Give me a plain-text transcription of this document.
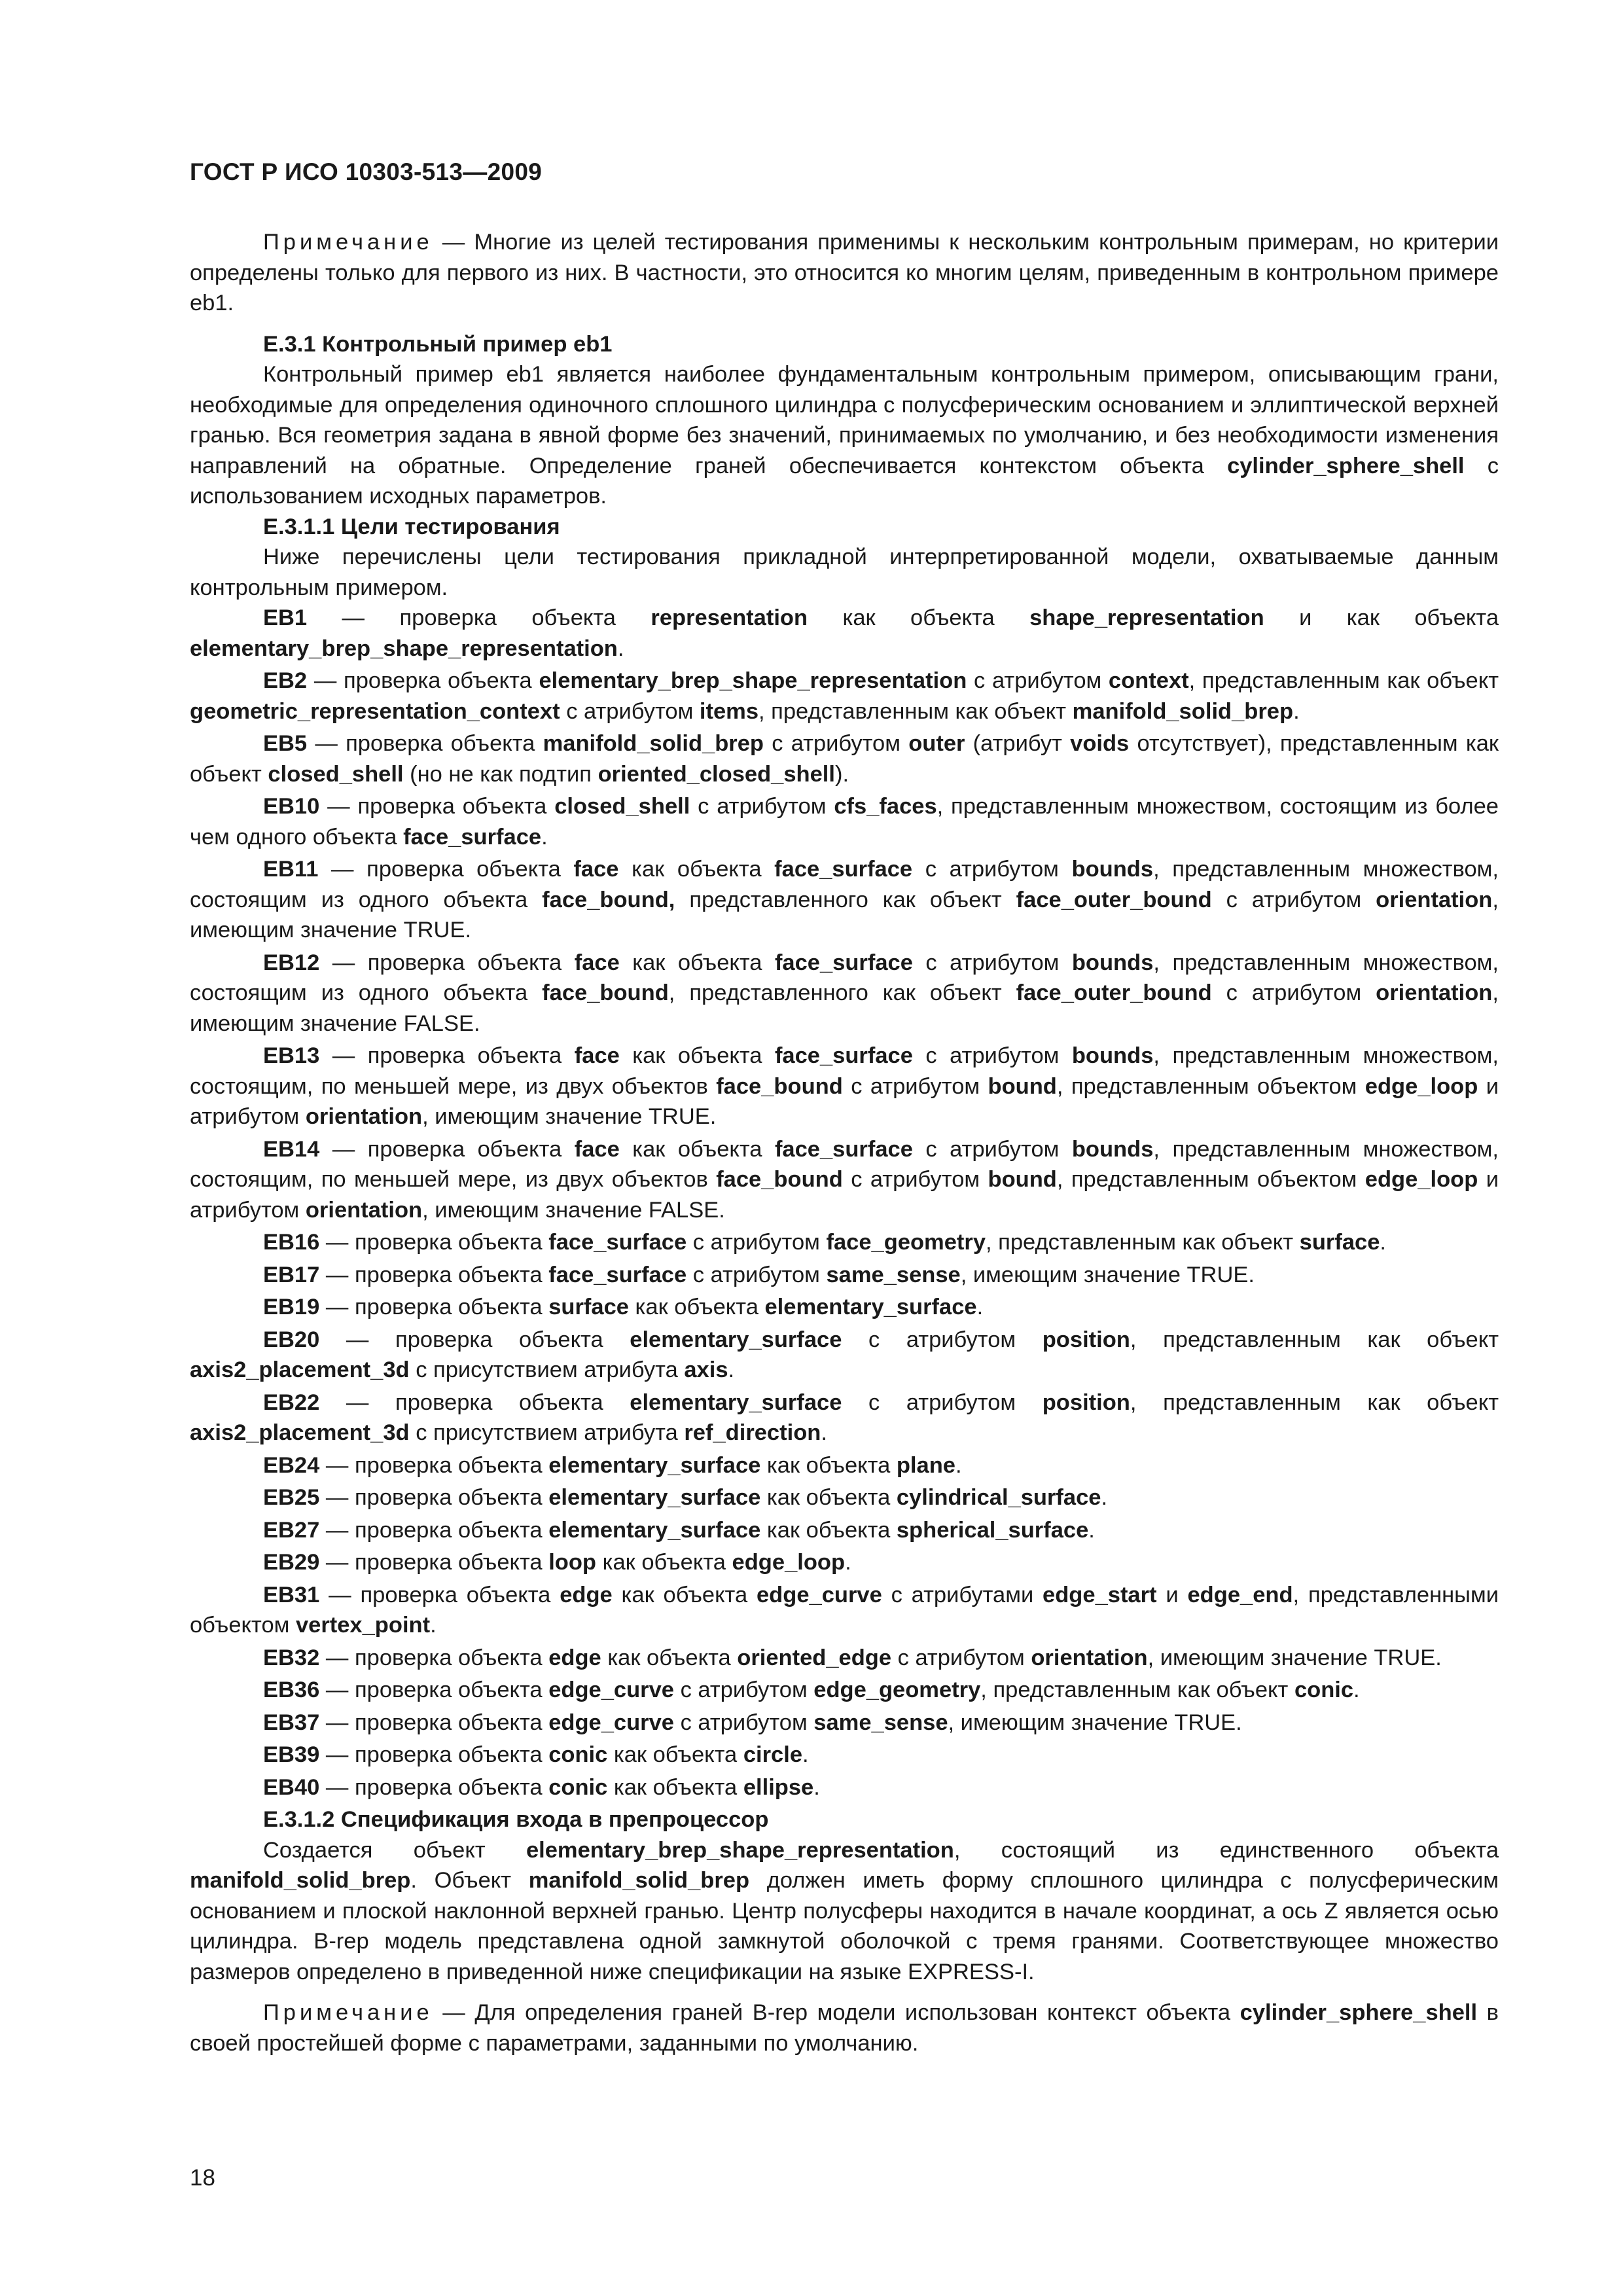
ГОСТ Р ИСО 10303-513—2009

Примечание — Многие из целей тестирования применимы к нескольким контрольным примерам, но критерии определены только для первого из них. В частности, это относится ко многим целям, приведенным в контрольном примере eb1.

Е.3.1 Контрольный пример eb1

Контрольный пример eb1 является наиболее фундаментальным контрольным примером, описывающим грани, необходимые для определения одиночного сплошного цилиндра с полусферическим основанием и эллиптической верхней гранью. Вся геометрия задана в явной форме без значений, принимаемых по умолчанию, и без необходимости изменения направлений на обратные. Определение граней обеспечивается контекстом объекта cylinder_sphere_shell с использованием исходных параметров.

Е.3.1.1 Цели тестирования

Ниже перечислены цели тестирования прикладной интерпретированной модели, охватываемые данным контрольным примером.

EB1 — проверка объекта representation как объекта shape_representation и как объекта elementary_brep_shape_representation.

EB2 — проверка объекта elementary_brep_shape_representation с атрибутом context, представленным как объект geometric_representation_context с атрибутом items, представленным как объект manifold_solid_brep.

EB5 — проверка объекта manifold_solid_brep с атрибутом outer (атрибут voids отсутствует), представленным как объект closed_shell (но не как подтип oriented_closed_shell).

EB10 — проверка объекта closed_shell с атрибутом cfs_faces, представленным множеством, состоящим из более чем одного объекта face_surface.

EB11 — проверка объекта face как объекта face_surface с атрибутом bounds, представленным множеством, состоящим из одного объекта face_bound, представленного как объект face_outer_bound с атрибутом orientation, имеющим значение TRUE.

EB12 — проверка объекта face как объекта face_surface с атрибутом bounds, представленным множеством, состоящим из одного объекта face_bound, представленного как объект face_outer_bound с атрибутом orientation, имеющим значение FALSE.

EB13 — проверка объекта face как объекта face_surface с атрибутом bounds, представленным множеством, состоящим, по меньшей мере, из двух объектов face_bound с атрибутом bound, представленным объектом edge_loop и атрибутом orientation, имеющим значение TRUE.

EB14 — проверка объекта face как объекта face_surface с атрибутом bounds, представленным множеством, состоящим, по меньшей мере, из двух объектов face_bound с атрибутом bound, представленным объектом edge_loop и атрибутом orientation, имеющим значение FALSE.

EB16 — проверка объекта face_surface с атрибутом face_geometry, представленным как объект surface.

EB17 — проверка объекта face_surface с атрибутом same_sense, имеющим значение TRUE.

EB19 — проверка объекта surface как объекта elementary_surface.

EB20 — проверка объекта elementary_surface с атрибутом position, представленным как объект axis2_placement_3d с присутствием атрибута axis.

EB22 — проверка объекта elementary_surface с атрибутом position, представленным как объект axis2_placement_3d с присутствием атрибута ref_direction.

EB24 — проверка объекта elementary_surface как объекта plane.

EB25 — проверка объекта elementary_surface как объекта cylindrical_surface.

EB27 — проверка объекта elementary_surface как объекта spherical_surface.

EB29 — проверка объекта loop как объекта edge_loop.

EB31 — проверка объекта edge как объекта edge_curve с атрибутами edge_start и edge_end, представленными объектом vertex_point.

EB32 — проверка объекта edge как объекта oriented_edge с атрибутом orientation, имеющим значение TRUE.

EB36 — проверка объекта edge_curve с атрибутом edge_geometry, представленным как объект conic.

EB37 — проверка объекта edge_curve с атрибутом same_sense, имеющим значение TRUE.

EB39 — проверка объекта conic как объекта circle.

EB40 — проверка объекта conic как объекта ellipse.

Е.3.1.2 Спецификация входа в препроцессор

Создается объект elementary_brep_shape_representation, состоящий из единственного объекта manifold_solid_brep. Объект manifold_solid_brep должен иметь форму сплошного цилиндра с полусферическим основанием и плоской наклонной верхней гранью. Центр полусферы находится в начале координат, а ось Z является осью цилиндра. B-rep модель представлена одной замкнутой оболочкой с тремя гранями. Соответствующее множество размеров определено в приведенной ниже спецификации на языке EXPRESS-I.

Примечание — Для определения граней B-rep модели использован контекст объекта cylinder_sphere_shell в своей простейшей форме с параметрами, заданными по умолчанию.

18
